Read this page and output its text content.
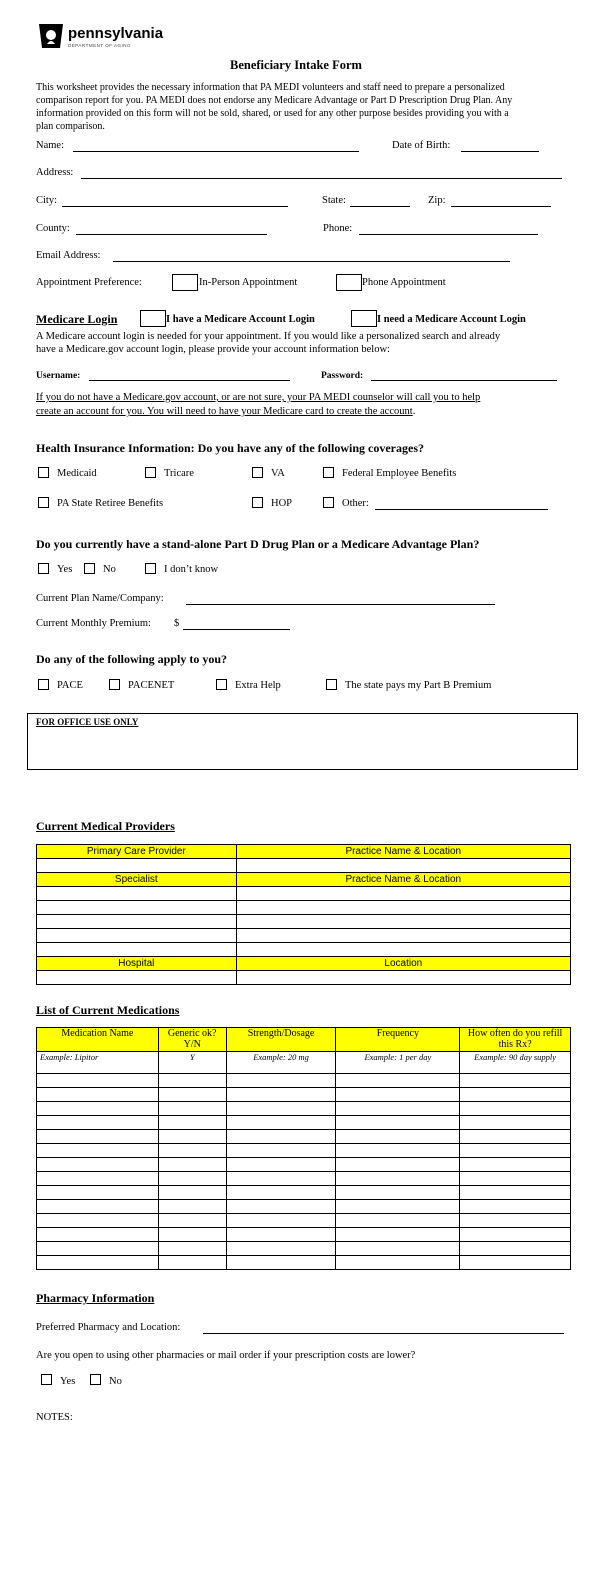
pennsylvania
DEPARTMENT OF AGING
Beneficiary Intake Form
This worksheet provides the necessary information that PA MEDI volunteers and staff need to prepare a personalized
comparison report for you. PA MEDI does not endorse any Medicare Advantage or Part D Prescription Drug Plan. Any
information provided on this form will not be sold, shared, or used for any other purpose besides providing you with a
plan comparison.
Name:	Date of Birth:
Address:
City:	State:	Zip:
County:	Phone:
Email Address:
Appointment Preference:	In-Person Appointment	Phone Appointment
Medicare Login	I have a Medicare Account Login	I need a Medicare Account Login
A Medicare account login is needed for your appointment. If you would like a personalized search and already
have a Medicare.gov account login, please provide your account information below:
Username:	Password:
If you do not have a Medicare.gov account, or are not sure, your PA MEDI counselor will call you to help
create an account for you. You will need to have your Medicare card to create the account.
Health Insurance Information: Do you have any of the following coverages?
Medicaid	Tricare	VA	Federal Employee Benefits
PA State Retiree Benefits	HOP	Other:
Do you currently have a stand-alone Part D Drug Plan or a Medicare Advantage Plan?
Yes	No	I don’t know
Current Plan Name/Company:
Current Monthly Premium: $
Do any of the following apply to you?
PACE	PACENET	Extra Help	The state pays my Part B Premium
FOR OFFICE USE ONLY
Current Medical Providers
Primary Care Provider	Practice Name & Location

Specialist	Practice Name & Location

Hospital	Location

List of Current Medications
Medication Name	Generic ok? Y/N	Strength/Dosage	Frequency	How often do you refill this Rx?
Example: Lipitor	Y	Example: 20 mg	Example: 1 per day	Example: 90 day supply

Pharmacy Information
Preferred Pharmacy and Location:
Are you open to using other pharmacies or mail order if your prescription costs are lower?
Yes	No
NOTES:
